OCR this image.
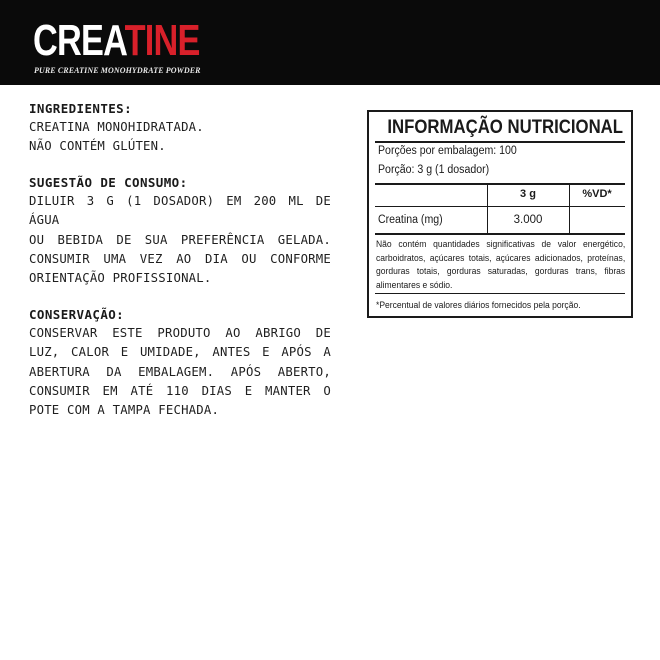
CREATINE
PURE CREATINE MONOHYDRATE POWDER
INGREDIENTES:
CREATINA MONOHIDRATADA.
NÃO CONTÉM GLÚTEN.
SUGESTÃO DE CONSUMO:
DILUIR 3 G (1 DOSADOR) EM 200 ML DE ÁGUA
OU BEBIDA DE SUA PREFERÊNCIA GELADA.
CONSUMIR UMA VEZ AO DIA OU CONFORME
ORIENTAÇÃO PROFISSIONAL.
CONSERVAÇÃO:
CONSERVAR ESTE PRODUTO AO ABRIGO DE
LUZ, CALOR E UMIDADE, ANTES E APÓS A
ABERTURA DA EMBALAGEM. APÓS ABERTO,
CONSUMIR EM ATÉ 110 DIAS E MANTER O
POTE COM A TAMPA FECHADA.
INFORMAÇÃO NUTRICIONAL
Porções por embalagem: 100
Porção: 3 g (1 dosador)
3 g	%VD*
Creatina (mg)	3.000
Não contém quantidades significativas de valor energético, carboidratos, açúcares totais, açúcares adicionados, proteínas, gorduras totais, gorduras saturadas, gorduras trans, fibras alimentares e sódio.
*Percentual de valores diários fornecidos pela porção.
